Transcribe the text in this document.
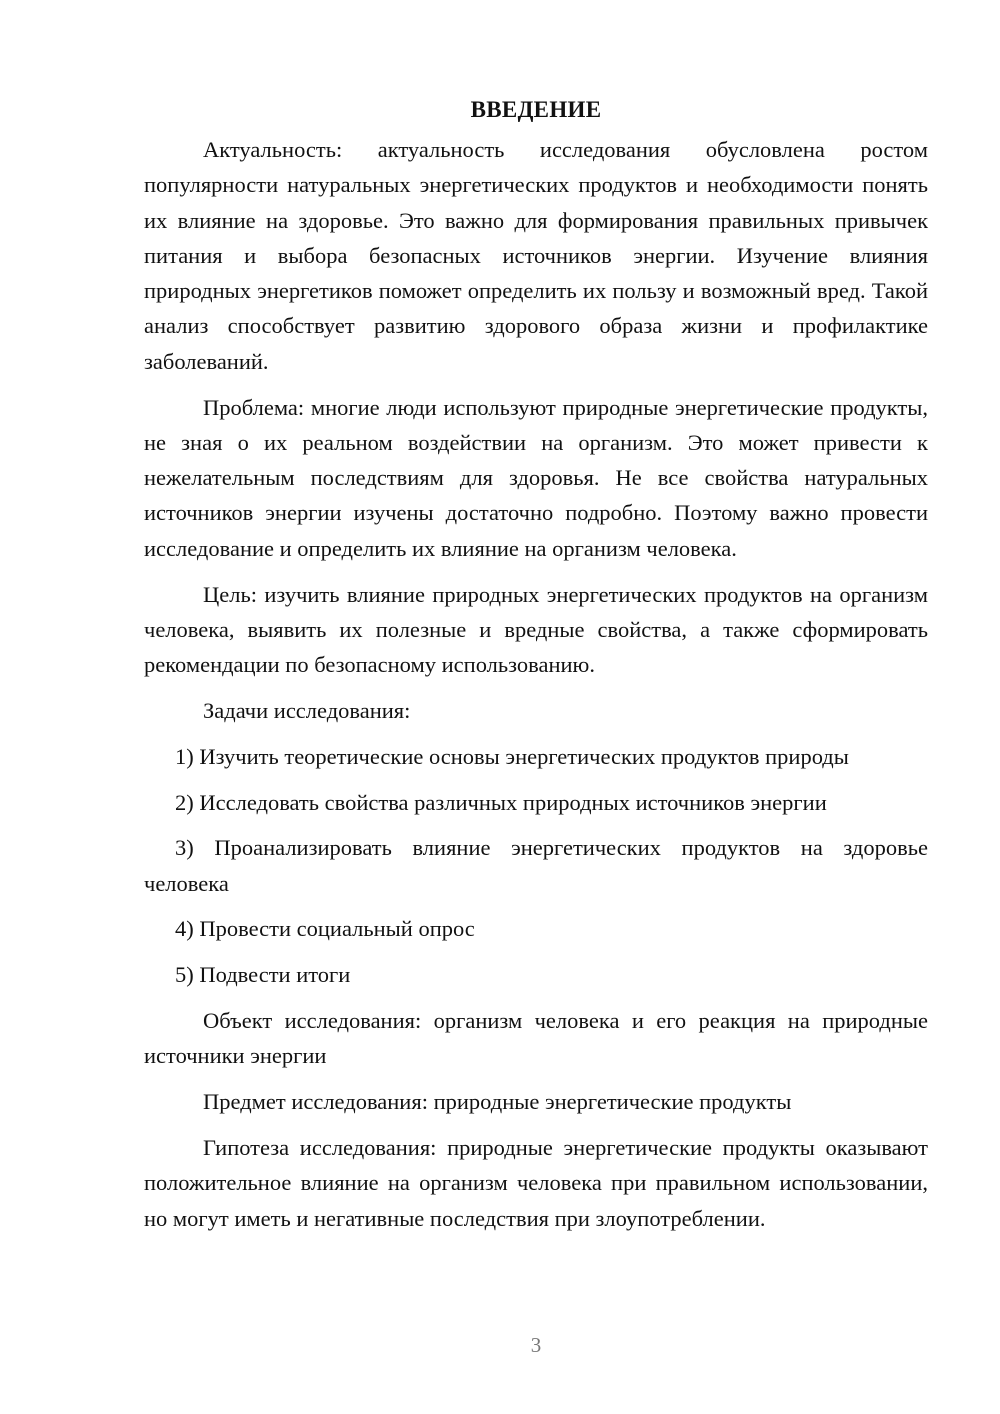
ВВЕДЕНИЕ

Актуальность: актуальность исследования обусловлена ростом популярности натуральных энергетических продуктов и необходимости понять их влияние на здоровье. Это важно для формирования правильных привычек питания и выбора безопасных источников энергии. Изучение влияния природных энергетиков поможет определить их пользу и возможный вред. Такой анализ способствует развитию здорового образа жизни и профилактике заболеваний.

Проблема: многие люди используют природные энергетические продукты, не зная о их реальном воздействии на организм. Это может привести к нежелательным последствиям для здоровья. Не все свойства натуральных источников энергии изучены достаточно подробно. Поэтому важно провести исследование и определить их влияние на организм человека.

Цель: изучить влияние природных энергетических продуктов на организм человека, выявить их полезные и вредные свойства, а также сформировать рекомендации по безопасному использованию.

Задачи исследования:

1) Изучить теоретические основы энергетических продуктов природы

2) Исследовать свойства различных природных источников энергии

3) Проанализировать влияние энергетических продуктов на здоровье человека

4) Провести социальный опрос

5) Подвести итоги

Объект исследования: организм человека и его реакция на природные источники энергии

Предмет исследования: природные энергетические продукты

Гипотеза исследования: природные энергетические продукты оказывают положительное влияние на организм человека при правильном использовании, но могут иметь и негативные последствия при злоупотреблении.

3
